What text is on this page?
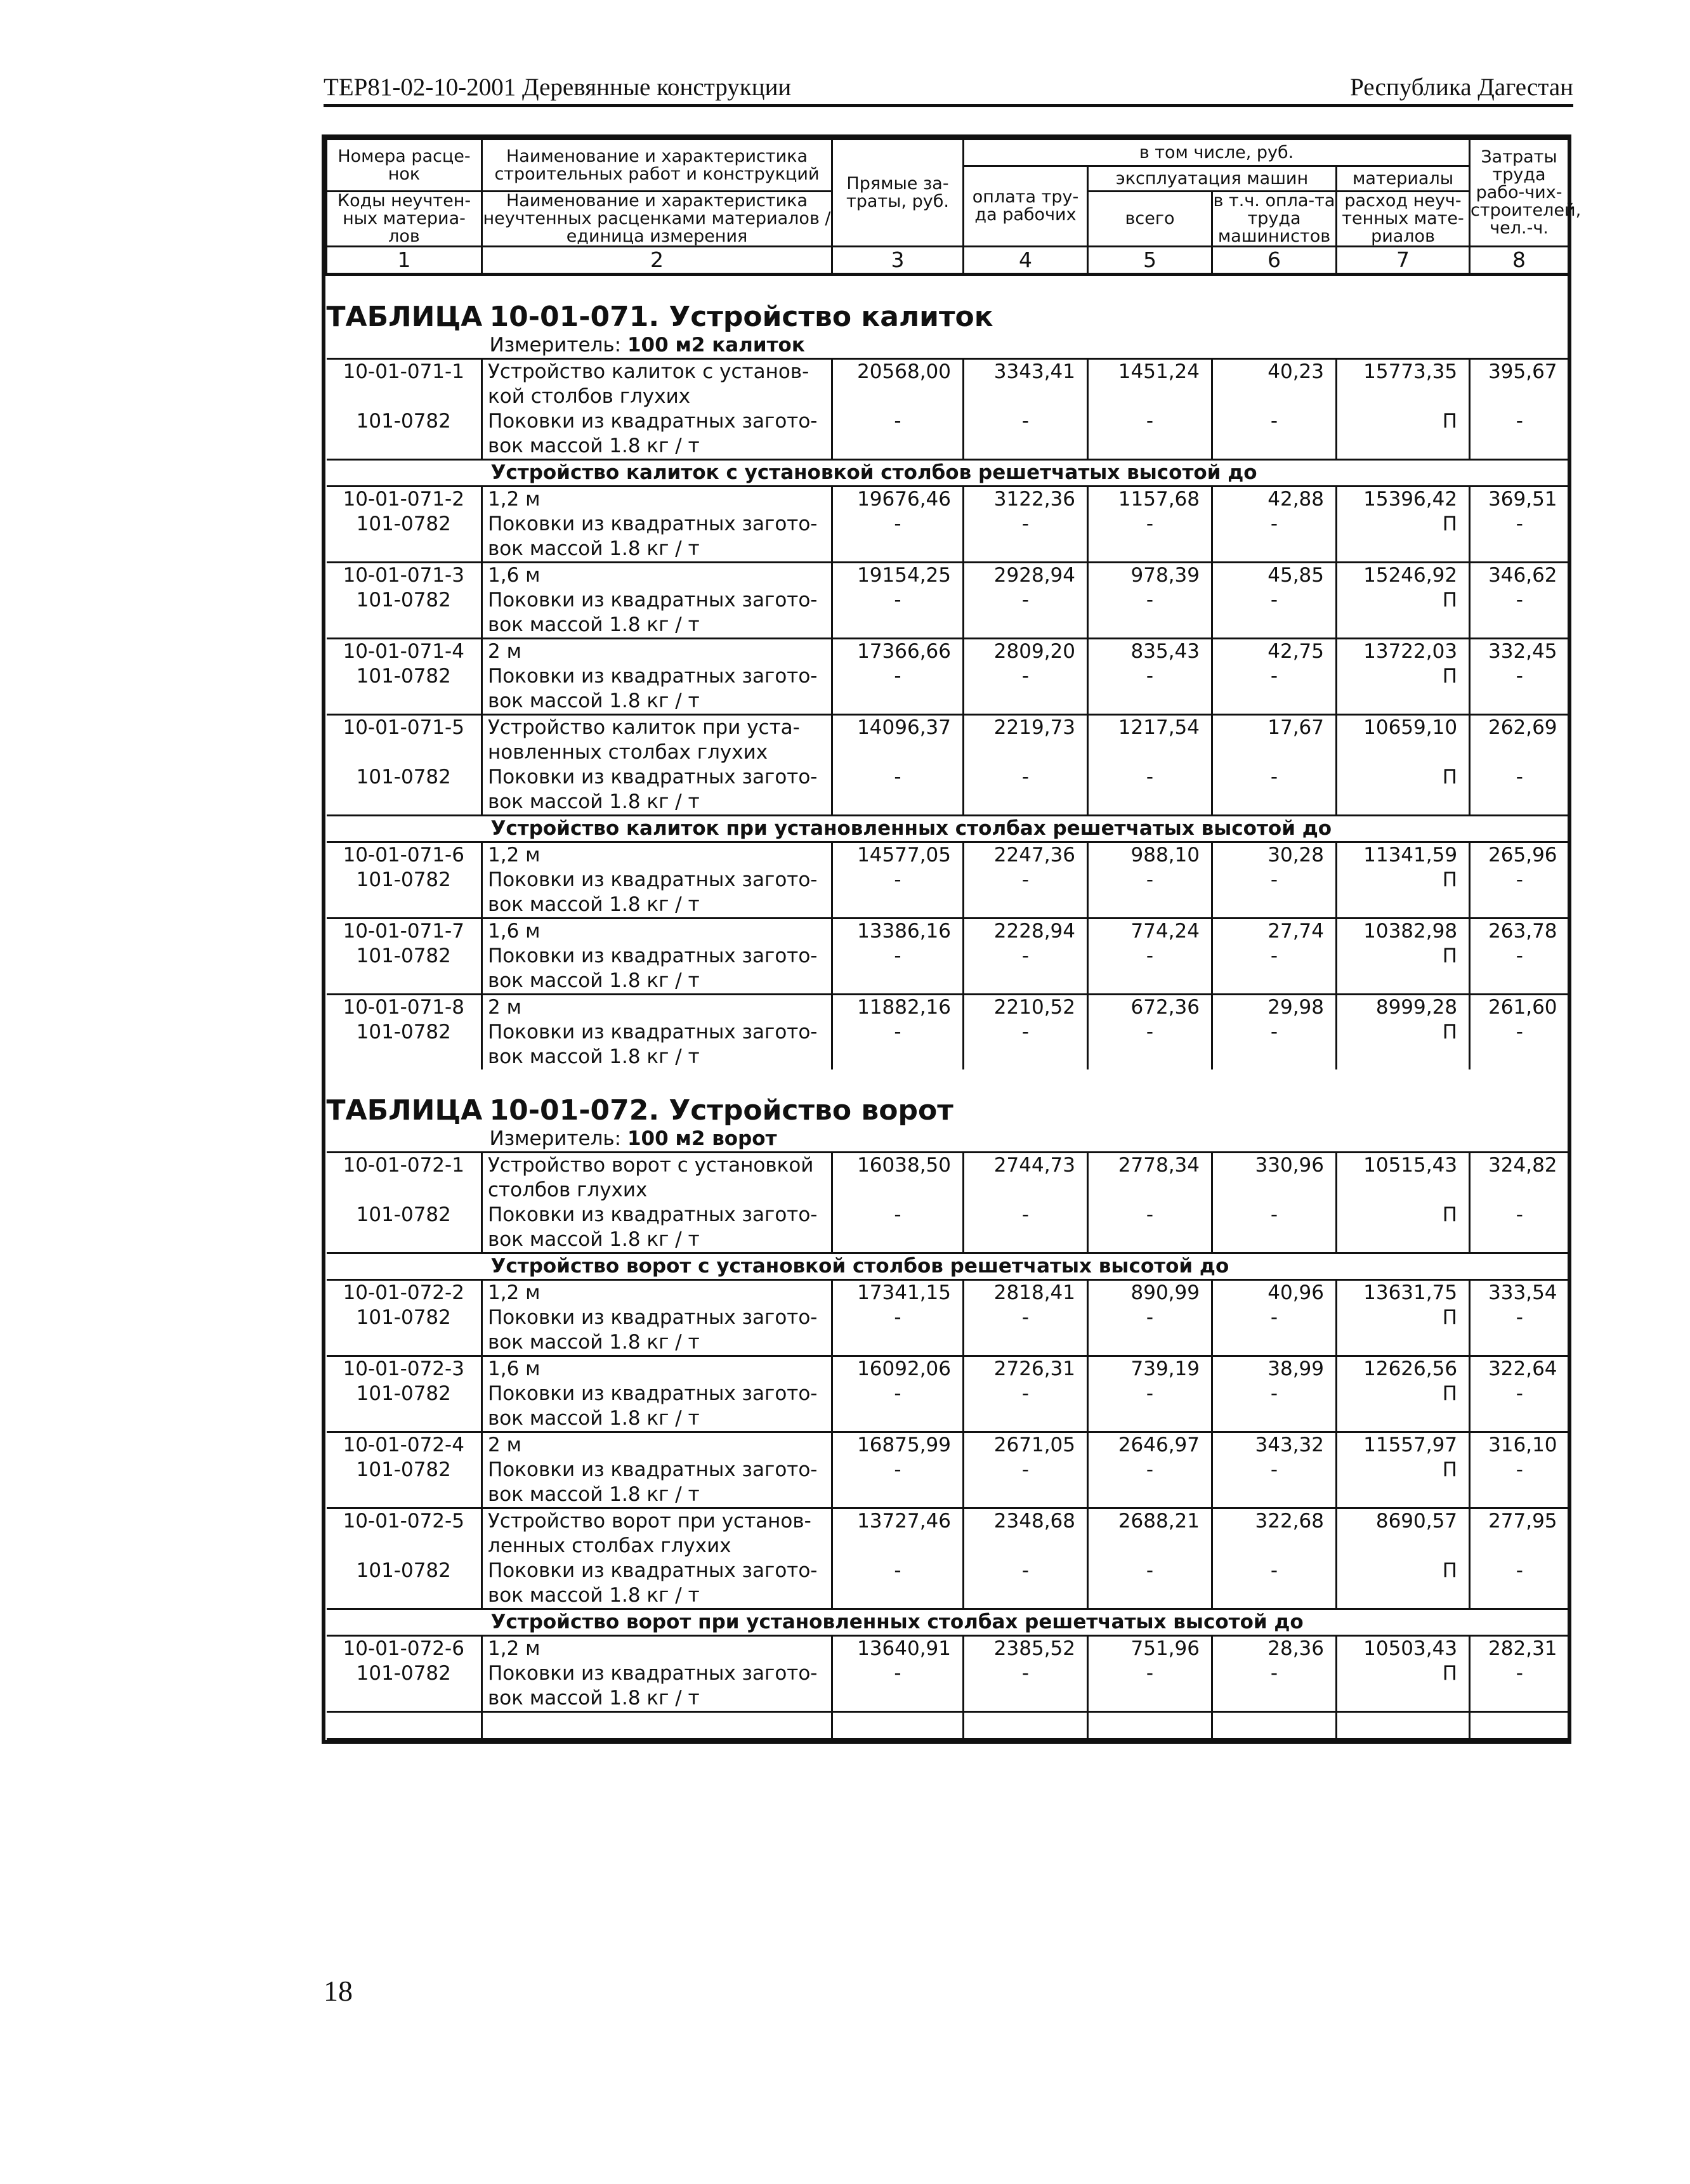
ТЕР81-02-10-2001 Деревянные конструкции	Республика Дагестан
Номера расце-нок	Наименование и характеристика строительных работ и конструкций	Прямые за-траты, руб.	в том числе, руб.				Затраты труда рабо-чих-строителей, чел.-ч.
			оплата тру-да рабочих	эксплуатация машин		материалы	
Коды неучтен-ных материа-лов	Наименование и характеристика неучтенных расценками материалов / единица измерения			всего	в т.ч. опла-та труда машинистов	расход неуч-тенных мате-риалов	

1	2	3	4	5	6	7	8
ТАБЛИЦА	10-01-071. Устройство калиток						
	Измеритель: 100 м2 калиток						
10-01-071-1	Устройство калиток с установ-кой столбов глухих	20568,00	3343,41	1451,24	40,23	15773,35	395,67
101-0782	Поковки из квадратных загото-вок массой 1.8 кг / т	-	-	-	-	П	-
	Устройство калиток с установкой столбов решетчатых высотой до						
10-01-071-2	1,2 м	19676,46	3122,36	1157,68	42,88	15396,42	369,51
101-0782	Поковки из квадратных загото-вок массой 1.8 кг / т	-	-	-	-	П	-
10-01-071-3	1,6 м	19154,25	2928,94	978,39	45,85	15246,92	346,62
101-0782	Поковки из квадратных загото-вок массой 1.8 кг / т	-	-	-	-	П	-
10-01-071-4	2 м	17366,66	2809,20	835,43	42,75	13722,03	332,45
101-0782	Поковки из квадратных загото-вок массой 1.8 кг / т	-	-	-	-	П	-
10-01-071-5	Устройство калиток при уста-новленных столбах глухих	14096,37	2219,73	1217,54	17,67	10659,10	262,69
101-0782	Поковки из квадратных загото-вок массой 1.8 кг / т	-	-	-	-	П	-
	Устройство калиток при установленных столбах решетчатых высотой до						
10-01-071-6	1,2 м	14577,05	2247,36	988,10	30,28	11341,59	265,96
101-0782	Поковки из квадратных загото-вок массой 1.8 кг / т	-	-	-	-	П	-
10-01-071-7	1,6 м	13386,16	2228,94	774,24	27,74	10382,98	263,78
101-0782	Поковки из квадратных загото-вок массой 1.8 кг / т	-	-	-	-	П	-
10-01-071-8	2 м	11882,16	2210,52	672,36	29,98	8999,28	261,60
101-0782	Поковки из квадратных загото-вок массой 1.8 кг / т	-	-	-	-	П	-
ТАБЛИЦА	10-01-072. Устройство ворот						
	Измеритель: 100 м2 ворот						
10-01-072-1	Устройство ворот с установкой столбов глухих	16038,50	2744,73	2778,34	330,96	10515,43	324,82
101-0782	Поковки из квадратных загото-вок массой 1.8 кг / т	-	-	-	-	П	-
	Устройство ворот с установкой столбов решетчатых высотой до						
10-01-072-2	1,2 м	17341,15	2818,41	890,99	40,96	13631,75	333,54
101-0782	Поковки из квадратных загото-вок массой 1.8 кг / т	-	-	-	-	П	-
10-01-072-3	1,6 м	16092,06	2726,31	739,19	38,99	12626,56	322,64
101-0782	Поковки из квадратных загото-вок массой 1.8 кг / т	-	-	-	-	П	-
10-01-072-4	2 м	16875,99	2671,05	2646,97	343,32	11557,97	316,10
101-0782	Поковки из квадратных загото-вок массой 1.8 кг / т	-	-	-	-	П	-
10-01-072-5	Устройство ворот при установ-ленных столбах глухих	13727,46	2348,68	2688,21	322,68	8690,57	277,95
101-0782	Поковки из квадратных загото-вок массой 1.8 кг / т	-	-	-	-	П	-
	Устройство ворот при установленных столбах решетчатых высотой до						
10-01-072-6	1,2 м	13640,91	2385,52	751,96	28,36	10503,43	282,31
101-0782	Поковки из квадратных загото-вок массой 1.8 кг / т	-	-	-	-	П	-

18
